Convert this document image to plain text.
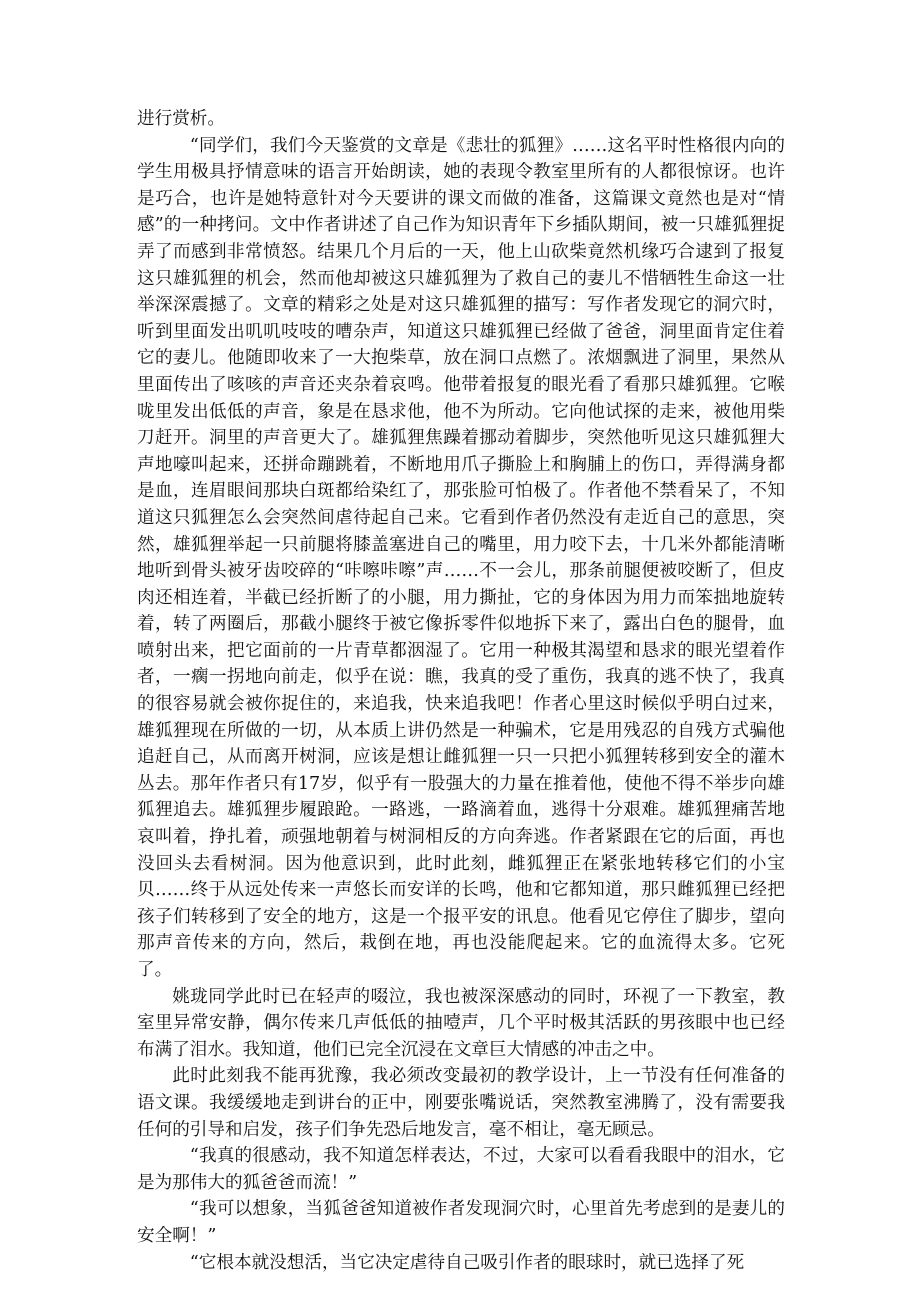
进行赏析。

“同学们，我们今天鉴赏的文章是《悲壮的狐狸》……这名平时性格很内向的学生用极具抒情意味的语言开始朗读，她的表现令教室里所有的人都很惊讶。也许是巧合，也许是她特意针对今天要讲的课文而做的准备，这篇课文竟然也是对“情感”的一种拷问。文中作者讲述了自己作为知识青年下乡插队期间，被一只雄狐狸捉弄了而感到非常愤怒。结果几个月后的一天，他上山砍柴竟然机缘巧合逮到了报复这只雄狐狸的机会，然而他却被这只雄狐狸为了救自己的妻儿不惜牺牲生命这一壮举深深震撼了。文章的精彩之处是对这只雄狐狸的描写：写作者发现它的洞穴时，听到里面发出叽叽吱吱的嘈杂声，知道这只雄狐狸已经做了爸爸，洞里面肯定住着它的妻儿。他随即收来了一大抱柴草，放在洞口点燃了。浓烟飘进了洞里，果然从里面传出了咳咳的声音还夹杂着哀鸣。他带着报复的眼光看了看那只雄狐狸。它喉咙里发出低低的声音，象是在恳求他，他不为所动。它向他试探的走来，被他用柴刀赶开。洞里的声音更大了。雄狐狸焦躁着挪动着脚步，突然他听见这只雄狐狸大声地嚎叫起来，还拼命蹦跳着，不断地用爪子撕脸上和胸脯上的伤口，弄得满身都是血，连眉眼间那块白斑都给染红了，那张脸可怕极了。作者他不禁看呆了，不知道这只狐狸怎么会突然间虐待起自己来。它看到作者仍然没有走近自己的意思，突然，雄狐狸举起一只前腿将膝盖塞进自己的嘴里，用力咬下去，十几米外都能清晰地听到骨头被牙齿咬碎的“咔嚓咔嚓”声……不一会儿，那条前腿便被咬断了，但皮肉还相连着，半截已经折断了的小腿，用力撕扯，它的身体因为用力而笨拙地旋转着，转了两圈后，那截小腿终于被它像拆零件似地拆下来了，露出白色的腿骨，血喷射出来，把它面前的一片青草都洇湿了。它用一种极其渴望和恳求的眼光望着作者，一瘸一拐地向前走，似乎在说：瞧，我真的受了重伤，我真的逃不快了，我真的很容易就会被你捉住的，来追我，快来追我吧！作者心里这时候似乎明白过来，雄狐狸现在所做的一切，从本质上讲仍然是一种骗术，它是用残忍的自残方式骗他追赶自己，从而离开树洞，应该是想让雌狐狸一只一只把小狐狸转移到安全的灌木丛去。那年作者只有17岁，似乎有一股强大的力量在推着他，使他不得不举步向雄狐狸追去。雄狐狸步履踉跄。一路逃，一路滴着血，逃得十分艰难。雄狐狸痛苦地哀叫着，挣扎着，顽强地朝着与树洞相反的方向奔逃。作者紧跟在它的后面，再也没回头去看树洞。因为他意识到，此时此刻，雌狐狸正在紧张地转移它们的小宝贝……终于从远处传来一声悠长而安详的长鸣，他和它都知道，那只雌狐狸已经把孩子们转移到了安全的地方，这是一个报平安的讯息。他看见它停住了脚步，望向那声音传来的方向，然后，栽倒在地，再也没能爬起来。它的血流得太多。它死了。

姚珑同学此时已在轻声的啜泣，我也被深深感动的同时，环视了一下教室，教室里异常安静，偶尔传来几声低低的抽噎声，几个平时极其活跃的男孩眼中也已经布满了泪水。我知道，他们已完全沉浸在文章巨大情感的冲击之中。

此时此刻我不能再犹豫，我必须改变最初的教学设计，上一节没有任何准备的语文课。我缓缓地走到讲台的正中，刚要张嘴说话，突然教室沸腾了，没有需要我任何的引导和启发，孩子们争先恐后地发言，毫不相让，毫无顾忌。

“我真的很感动，我不知道怎样表达，不过，大家可以看看我眼中的泪水，它是为那伟大的狐爸爸而流！”

“我可以想象，当狐爸爸知道被作者发现洞穴时，心里首先考虑到的是妻儿的安全啊！”

“它根本就没想活，当它决定虐待自己吸引作者的眼球时，就已选择了死
